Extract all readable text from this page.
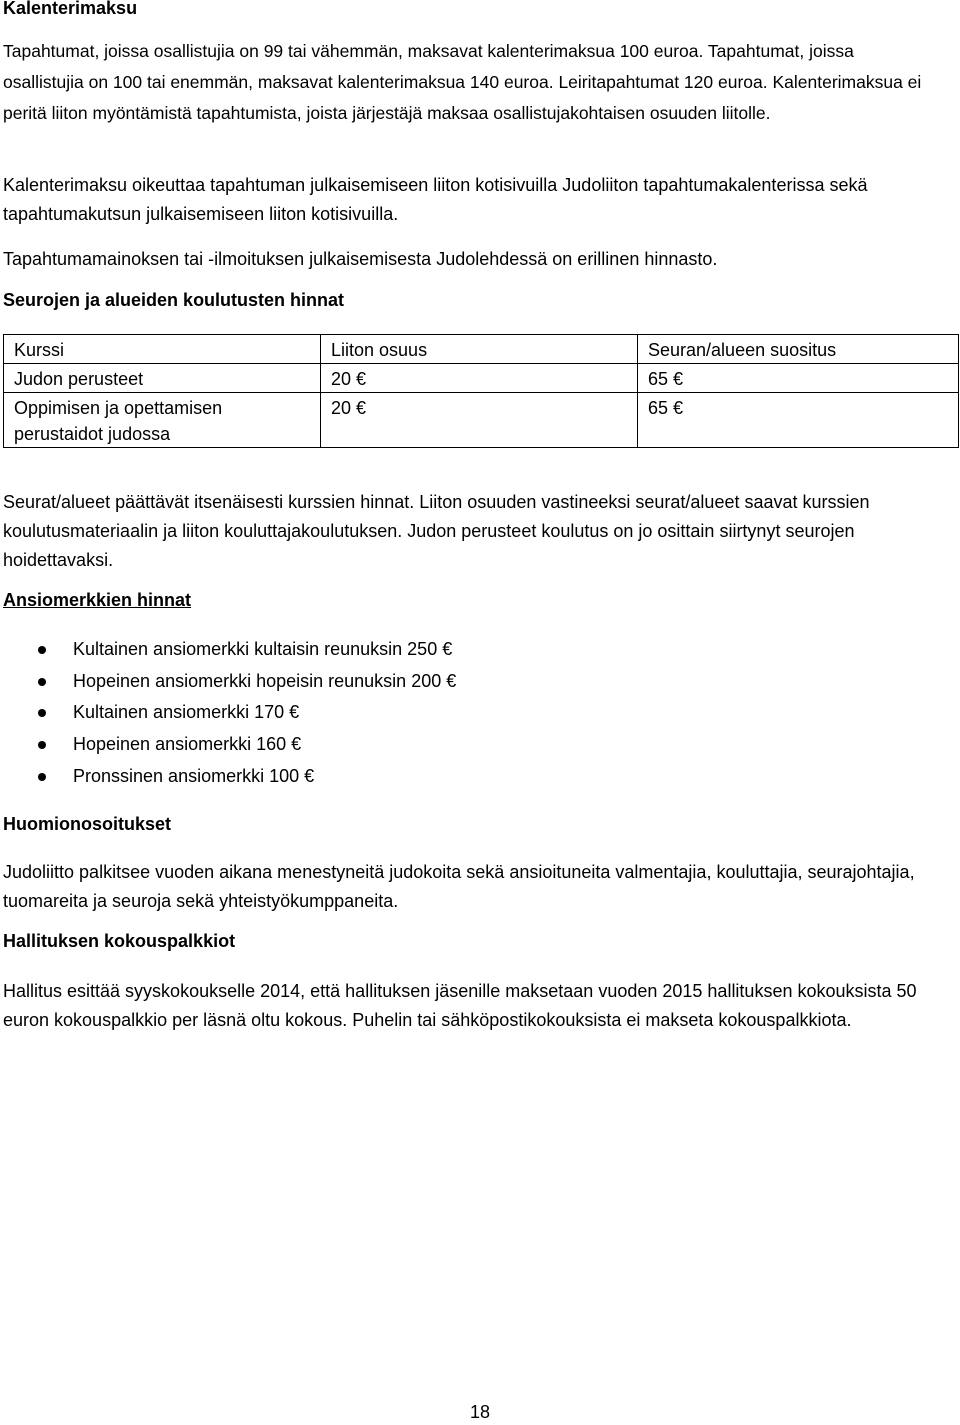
Kalenterimaksu

Tapahtumat, joissa osallistujia on 99 tai vähemmän, maksavat kalenterimaksua 100 euroa. Tapahtumat, joissa osallistujia on 100 tai enemmän, maksavat kalenterimaksua 140 euroa. Leiritapahtumat 120 euroa. Kalenterimaksua ei peritä liiton myöntämistä tapahtumista, joista järjestäjä maksaa osallistujakohtaisen osuuden liitolle.

Kalenterimaksu oikeuttaa tapahtuman julkaisemiseen liiton kotisivuilla Judoliiton tapahtumakalenterissa sekä tapahtumakutsun julkaisemiseen liiton kotisivuilla.

Tapahtumamainoksen tai -ilmoituksen julkaisemisesta Judolehdessä on erillinen hinnasto.

Seurojen ja alueiden koulutusten hinnat
Kurssi	Liiton osuus	Seuran/alueen suositus
Judon perusteet	20 €	65 €
Oppimisen ja opettamisen perustaidot judossa	20 €	65 €

Seurat/alueet päättävät itsenäisesti kurssien hinnat. Liiton osuuden vastineeksi seurat/alueet saavat kurssien koulutusmateriaalin ja liiton kouluttajakoulutuksen. Judon perusteet koulutus on jo osittain siirtynyt seurojen hoidettavaksi.

Ansiomerkkien hinnat
Kultainen ansiomerkki kultaisin reunuksin 250 €
Hopeinen ansiomerkki hopeisin reunuksin 200 €
Kultainen ansiomerkki 170 €
Hopeinen ansiomerkki 160 €
Pronssinen ansiomerkki 100 €
Huomionosoitukset

Judoliitto palkitsee vuoden aikana menestyneitä judokoita sekä ansioituneita valmentajia, kouluttajia, seurajohtajia, tuomareita ja seuroja sekä yhteistyökumppaneita.

Hallituksen kokouspalkkiot

Hallitus esittää syyskokoukselle 2014, että hallituksen jäsenille maksetaan vuoden 2015 hallituksen kokouksista 50 euron kokouspalkkio per läsnä oltu kokous. Puhelin tai sähköpostikokouksista ei makseta kokouspalkkiota.

18
